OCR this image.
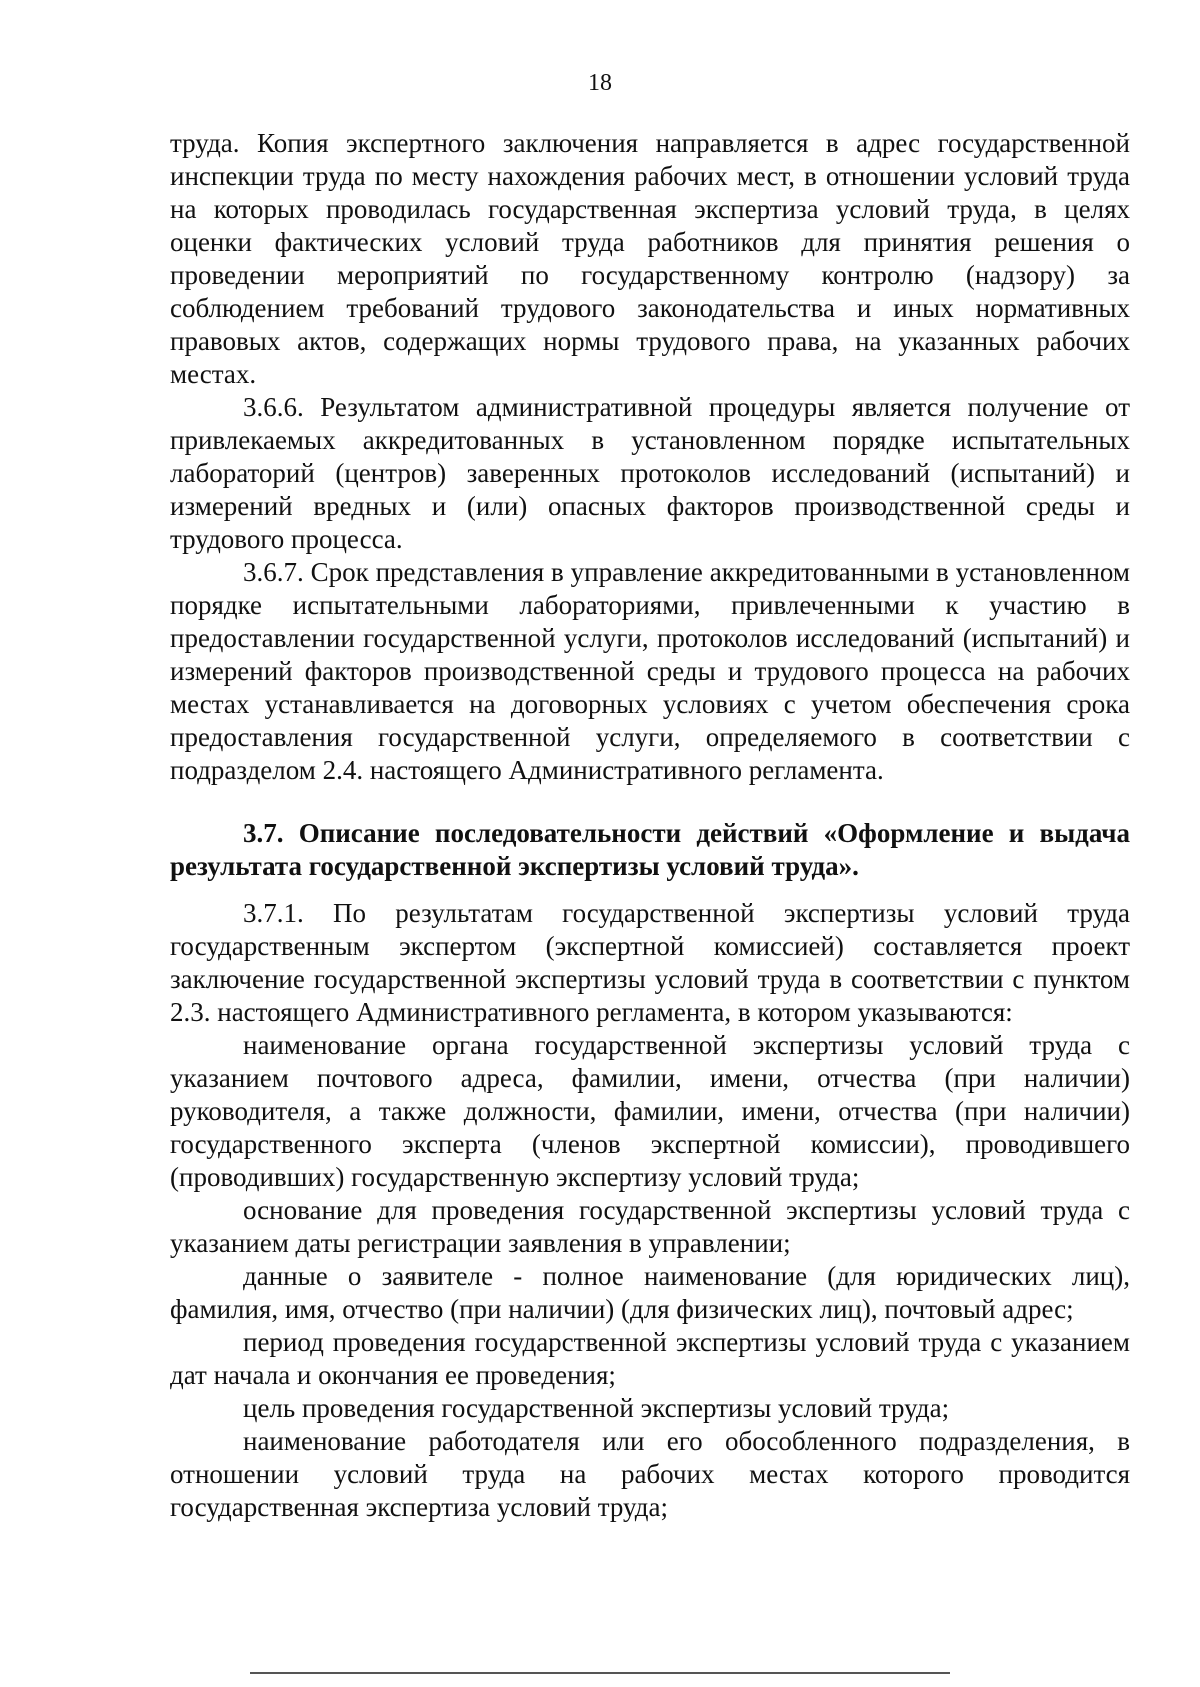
18

труда. Копия экспертного заключения направляется в адрес государственной инспекции труда по месту нахождения рабочих мест, в отношении условий труда на которых проводилась государственная экспертиза условий труда, в целях оценки фактических условий труда работников для принятия решения о проведении мероприятий по государственному контролю (надзору) за соблюдением требований трудового законодательства и иных нормативных правовых актов, содержащих нормы трудового права, на указанных рабочих местах.

3.6.6. Результатом административной процедуры является получение от привлекаемых аккредитованных в установленном порядке испытательных лабораторий (центров) заверенных протоколов исследований (испытаний) и измерений вредных и (или) опасных факторов производственной среды и трудового процесса.

3.6.7. Срок представления в управление аккредитованными в установленном порядке испытательными лабораториями, привлеченными к участию в предоставлении государственной услуги, протоколов исследований (испытаний) и измерений факторов производственной среды и трудового процесса на рабочих местах устанавливается на договорных условиях с учетом обеспечения срока предоставления государственной услуги, определяемого в соответствии с подразделом 2.4. настоящего Административного регламента.

3.7. Описание последовательности действий «Оформление и выдача результата государственной экспертизы условий труда».

3.7.1. По результатам государственной экспертизы условий труда государственным экспертом (экспертной комиссией) составляется проект заключение государственной экспертизы условий труда в соответствии с пунктом 2.3. настоящего Административного регламента, в котором указываются:

наименование органа государственной экспертизы условий труда с указанием почтового адреса, фамилии, имени, отчества (при наличии) руководителя, а также должности, фамилии, имени, отчества (при наличии) государственного эксперта (членов экспертной комиссии), проводившего (проводивших) государственную экспертизу условий труда;

основание для проведения государственной экспертизы условий труда с указанием даты регистрации заявления в управлении;

данные о заявителе - полное наименование (для юридических лиц), фамилия, имя, отчество (при наличии) (для физических лиц), почтовый адрес;

период проведения государственной экспертизы условий труда с указанием дат начала и окончания ее проведения;

цель проведения государственной экспертизы условий труда;

наименование работодателя или его обособленного подразделения, в отношении условий труда на рабочих местах которого проводится государственная экспертиза условий труда;
